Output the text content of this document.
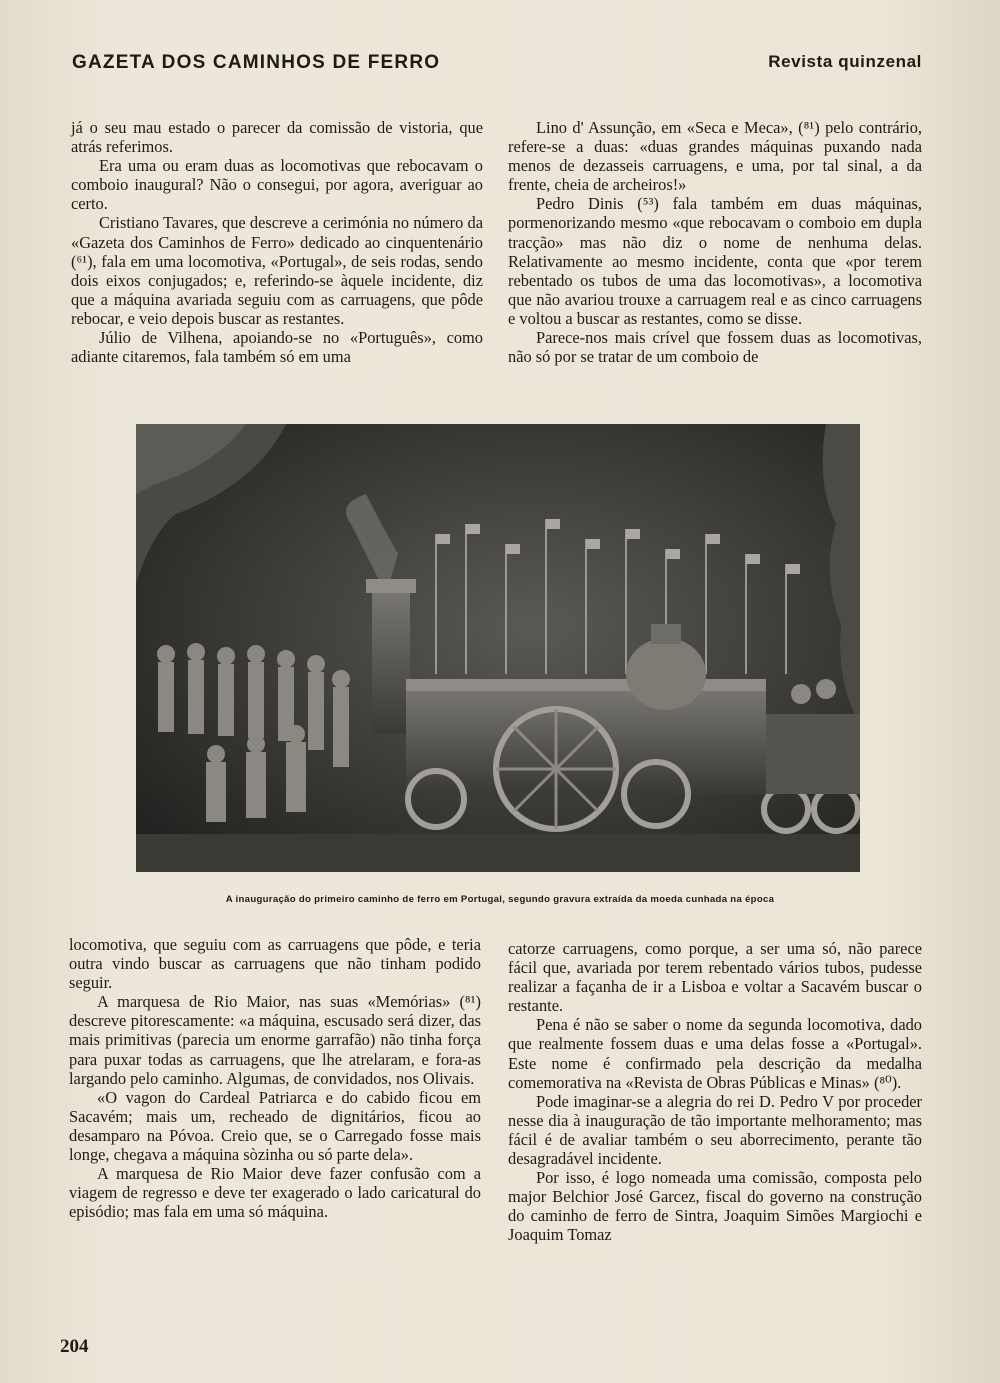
GAZETA DOS CAMINHOS DE FERRO	Revista quinzenal

já o seu mau estado o parecer da comissão de vistoria, que atrás referimos.

Era uma ou eram duas as locomotivas que rebocavam o comboio inaugural? Não o consegui, por agora, averiguar ao certo.

Cristiano Tavares, que descreve a cerimónia no número da «Gazeta dos Caminhos de Ferro» dedicado ao cinquentenário (⁶¹), fala em uma locomotiva, «Portugal», de seis rodas, sendo dois eixos conjugados; e, referindo-se àquele incidente, diz que a máquina avariada seguiu com as carruagens, que pôde rebocar, e veio depois buscar as restantes.

Júlio de Vilhena, apoiando-se no «Português», como adiante citaremos, fala também só em uma

Lino d' Assunção, em «Seca e Meca», (⁸¹) pelo contrário, refere-se a duas: «duas grandes máquinas puxando nada menos de dezasseis carruagens, e uma, por tal sinal, a da frente, cheia de archeiros!»

Pedro Dinis (⁵³) fala também em duas máquinas, pormenorizando mesmo «que rebocavam o comboio em dupla tracção» mas não diz o nome de nenhuma delas. Relativamente ao mesmo incidente, conta que «por terem rebentado os tubos de uma das locomotivas», a locomotiva que não avariou trouxe a carruagem real e as cinco carruagens e voltou a buscar as restantes, como se disse.

Parece-nos mais crível que fossem duas as locomotivas, não só por se tratar de um comboio de

A inauguração do primeiro caminho de ferro em Portugal, segundo gravura extraída da moeda cunhada na época

locomotiva, que seguiu com as carruagens que pôde, e teria outra vindo buscar as carruagens que não tinham podido seguir.

A marquesa de Rio Maior, nas suas «Memórias» (⁸¹) descreve pitorescamente: «a máquina, escusado será dizer, das mais primitivas (parecia um enorme garrafão) não tinha força para puxar todas as carruagens, que lhe atrelaram, e fora-as largando pelo caminho. Algumas, de convidados, nos Olivais.

«O vagon do Cardeal Patriarca e do cabido ficou em Sacavém; mais um, recheado de dignitários, ficou ao desamparo na Póvoa. Creio que, se o Carregado fosse mais longe, chegava a máquina sòzinha ou só parte dela».

A marquesa de Rio Maior deve fazer confusão com a viagem de regresso e deve ter exagerado o lado caricatural do episódio; mas fala em uma só máquina.

catorze carruagens, como porque, a ser uma só, não parece fácil que, avariada por terem rebentado vários tubos, pudesse realizar a façanha de ir a Lisboa e voltar a Sacavém buscar o restante.

Pena é não se saber o nome da segunda locomotiva, dado que realmente fossem duas e uma delas fosse a «Portugal». Este nome é confirmado pela descrição da medalha comemorativa na «Revista de Obras Públicas e Minas» (⁸⁰).

Pode imaginar-se a alegria do rei D. Pedro V por proceder nesse dia à inauguração de tão importante melhoramento; mas fácil é de avaliar também o seu aborrecimento, perante tão desagradável incidente.

Por isso, é logo nomeada uma comissão, composta pelo major Belchior José Garcez, fiscal do governo na construção do caminho de ferro de Sintra, Joaquim Simões Margiochi e Joaquim Tomaz

204
